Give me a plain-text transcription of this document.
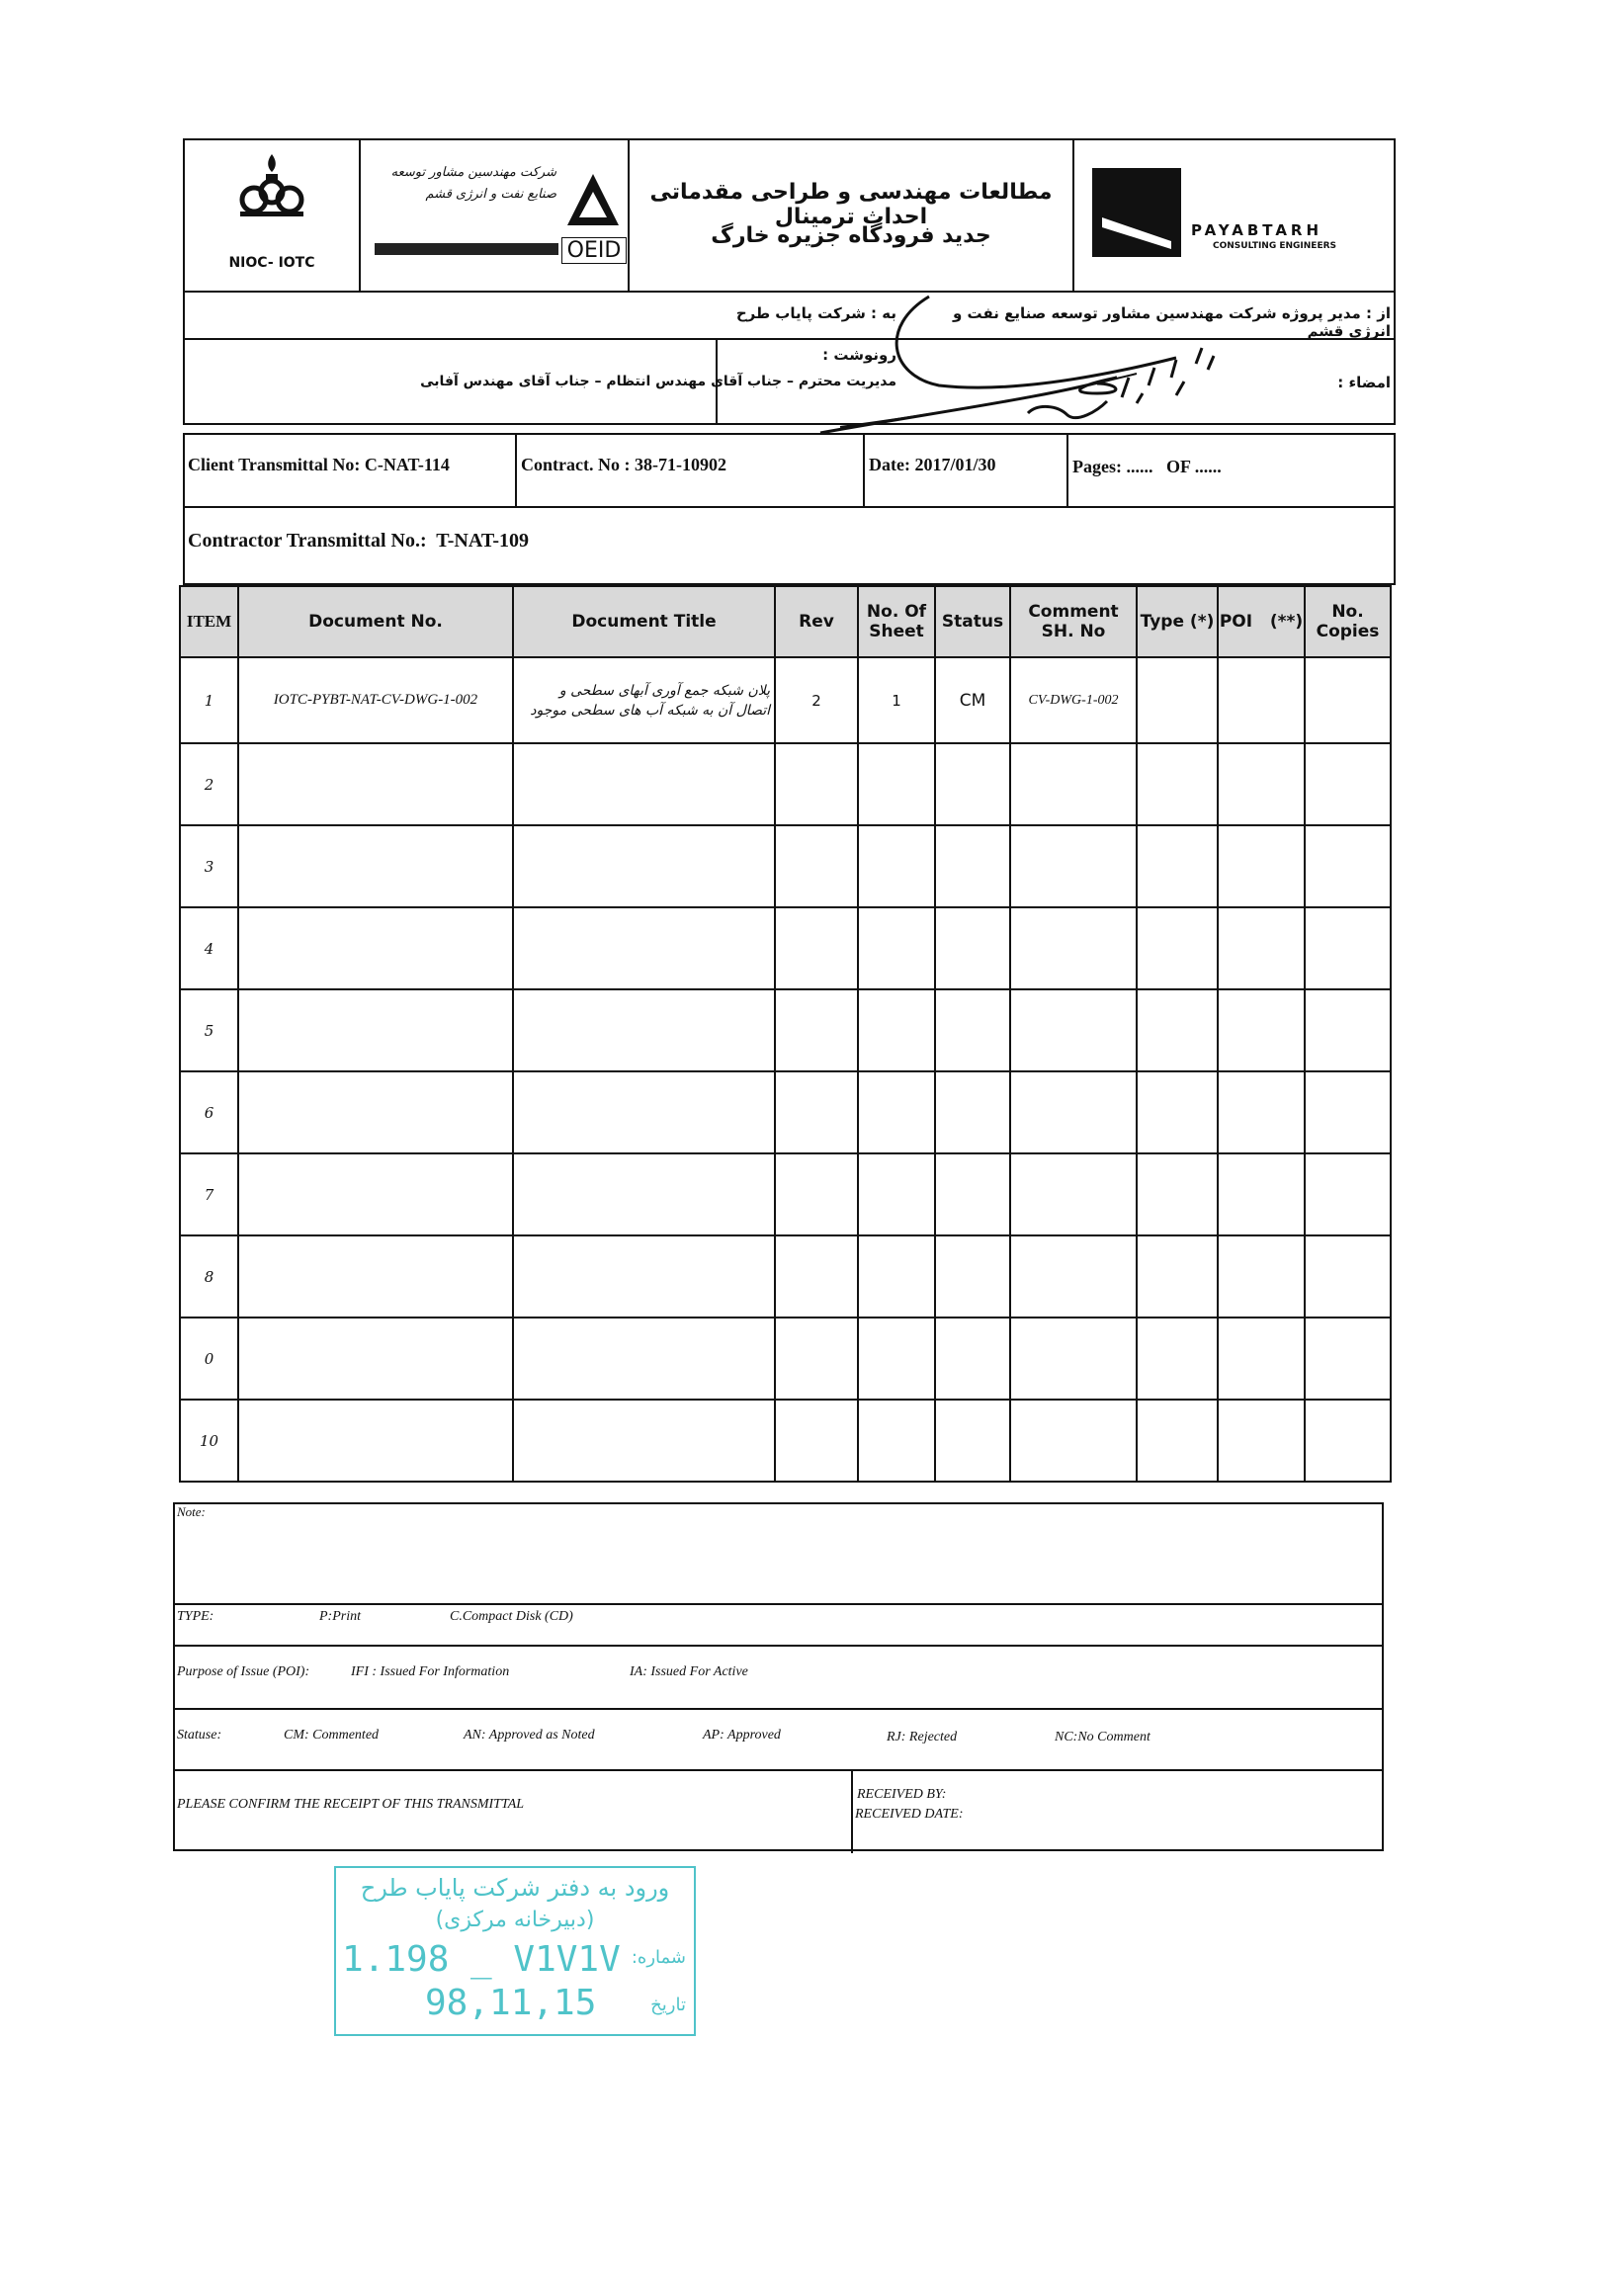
NIOC- IOTC
شرکت مهندسین مشاور توسعه صنایع نفت و انرژی قشم
OEID
مطالعات مهندسی و طراحی مقدماتی احداث ترمینال
جدید فرودگاه جزیره خارگ	PAYABTARH
CONSULTING ENGINEERS
به : شرکت پایاب طرح	از : مدیر پروژه شرکت مهندسین مشاور توسعه صنایع نفت و انرژی قشم
رونوشت :
مدیریت محترم – جناب آقای مهندس انتظام – جناب آقای مهندس آفابی	امضاء :
Client Transmittal No: C-NAT-114	Contract. No : 38-71-10902	Date: 2017/01/30	Pages: ......   OF ......
Contractor Transmittal No.:  T-NAT-109
ITEM	Document No.	Document Title	Rev	No. Of Sheet	Status	Comment SH. No	Type (*)	POI   (**)	No. Copies
1	IOTC-PYBT-NAT-CV-DWG-1-002	پلان شبکه جمع آوری آبهای سطحی و
اتصال آن به شبکه آب های سطحی موجود	2	1	CM	CV-DWG-1-002			
2									
3									
4									
5									
6									
7									
8									
0									
10									
Note:
TYPE:	P:Print	C.Compact Disk (CD)
Purpose of Issue (POI):	IFI : Issued For Information	IA: Issued For Active
Statuse:	CM: Commented	AN: Approved as Noted	AP: Approved	RJ: Rejected	NC:No Comment
PLEASE CONFIRM THE RECEIPT OF THIS TRANSMITTAL
RECEIVED BY:
RECEIVED DATE:
ورود به دفتر شرکت پایاب طرح
(دبیرخانه مرکزی)
شماره:
تاریخ
1.198 _ V1V1V
98,11,15
